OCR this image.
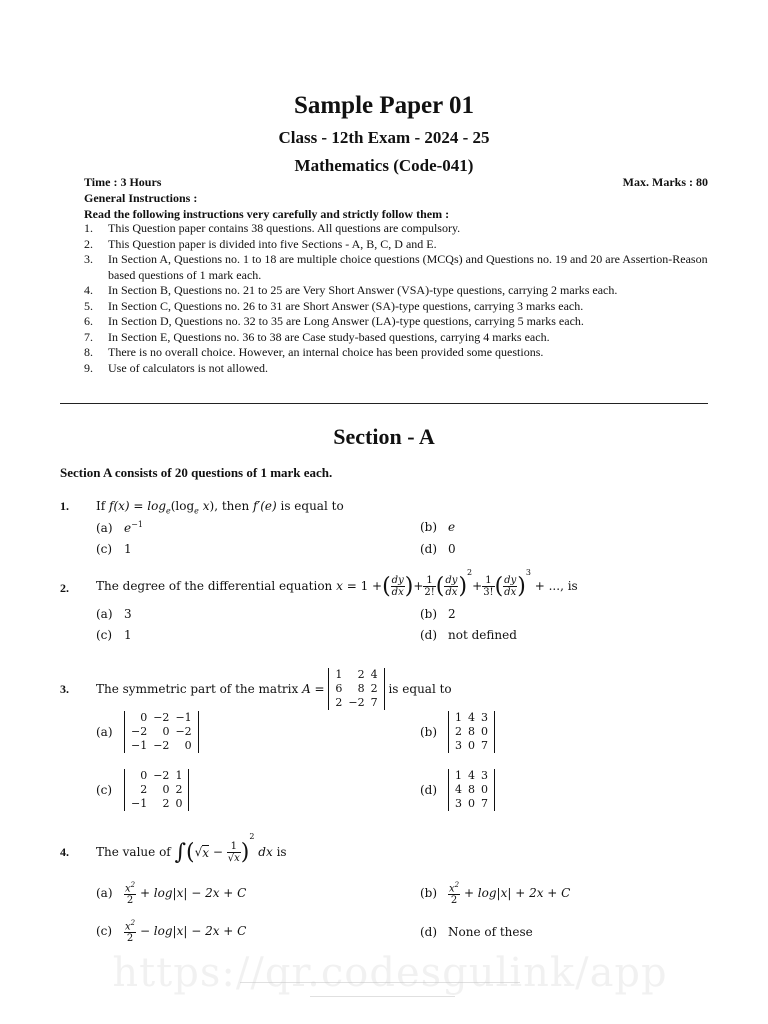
Sample Paper 01
Class - 12th Exam - 2024 - 25
Mathematics (Code-041)
Time : 3 Hours	Max. Marks : 80
General Instructions :
Read the following instructions very carefully and strictly follow them :
1.	This Question paper contains 38 questions. All questions are compulsory.
2.	This Question paper is divided into five Sections - A, B, C, D and E.
3.	In Section A, Questions no. 1 to 18 are multiple choice questions (MCQs) and Questions no. 19 and 20 are Assertion-Reason based questions of 1 mark each.
4.	In Section B, Questions no. 21 to 25 are Very Short Answer (VSA)-type questions, carrying 2 marks each.
5.	In Section C, Questions no. 26 to 31 are Short Answer (SA)-type questions, carrying 3 marks each.
6.	In Section D, Questions no. 32 to 35 are Long Answer (LA)-type questions, carrying 5 marks each.
7.	In Section E, Questions no. 36 to 38 are Case study-based questions, carrying 4 marks each.
8.	There is no overall choice. However, an internal choice has been provided some questions.
9.	Use of calculators is not allowed.
Section - A
Section A consists of 20 questions of 1 mark each.
1. If $f(x) = \log_e(\log_e$ x), then f′(e) is equal to
(a) $e^{-1}$	(b) e
(c) 1	(d) 0
2. The degree of the differential equation
x = 1 + ( $\frac{dy}{dx}$ ) + $\frac{1}{2!}$ ( $\frac{dy}{dx}$ )
$^2$
+ $\frac{1}{3!}$ ( $\frac{dy}{dx}$ )
$^3$

+ ..., is
(a) 3	(b) 2
(c) 1	(d) not defined
3. The symmetric part of the matrix
A =
1	2	4
6	8	2
2	−2	7

is equal to
(a)
0	−2	−1
−2	0	−2
−1	−2	0
(b)
1	4	3
2	8	0
3	0	7
(c)
0	−2	1
2	0	2
−1	2	0
(d)
1	4	3
4	8	0
3	0	7
4. The value of
∫ ( √ $x - \frac{1}{√x}$ )
$^2$

dx
is
(a)	$\frac{x^2}{2}$
+ log|x| − 2x + C	(b)	$\frac{x^2}{2}$
+ log|x| + 2x + C
(c)	$\frac{x^2}{2}$
− log|x| − 2x + C	(d) None of these
https://qr.codesgulink/app
